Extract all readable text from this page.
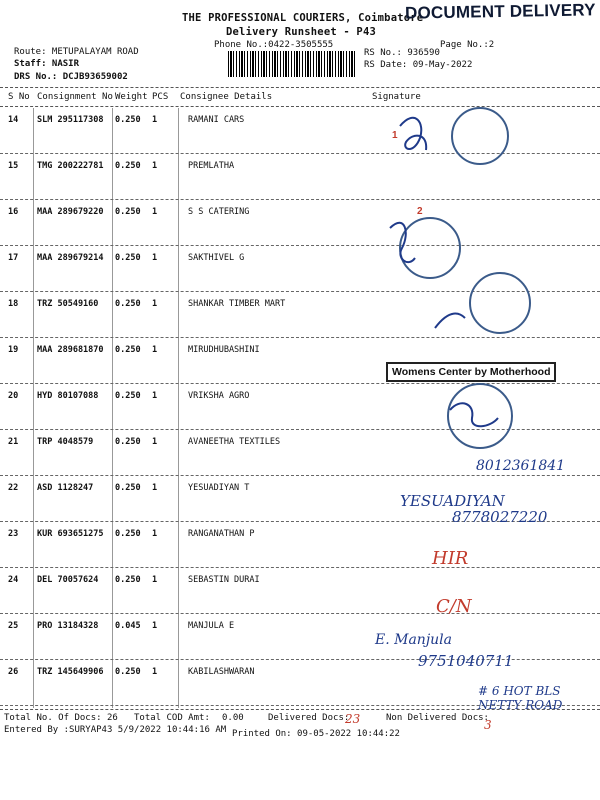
THE PROFESSIONAL COURIERS, Coimbatore
DOCUMENT DELIVERY
Delivery Runsheet - P43
Phone No.:0422-3505555	Page No.:2
Route: METUPALAYAM ROAD
Staff: NASIR
DRS No.: DCJB93659002
RS No.: 936590
RS Date: 09-May-2022
S No Consignment No Weight PCS Consignee Details	Signature
14 SLM 295117308 0.250 1	RAMANI CARS
15 TMG 200222781 0.250 1	PREMLATHA
16 MAA 289679220 0.250 1	S S CATERING
17 MAA 289679214 0.250 1	SAKTHIVEL G
18 TRZ 50549160 0.250 1	SHANKAR TIMBER MART
19 MAA 289681870 0.250 1	MIRUDHUBASHINI
20 HYD 80107088 0.250 1	VRIKSHA AGRO
21 TRP 4048579	0.250 1	AVANEETHA TEXTILES
22 ASD 1128247	0.250 1	YESUADIYAN T
23 KUR 693651275 0.250 1	RANGANATHAN P
24 DEL 70057624 0.250 1	SEBASTIN DURAI
25 PRO 13184328 0.045 1	MANJULA E
26 TRZ 145649906 0.250 1	KABILASHWARAN
1
2
Womens Center by Motherhood
8012361841
YESUADIYAN
8778027220
HIR
C/N
E. Manjula
9751040711
# 6 HOT BLS NETTY ROAD
Total No. Of Docs: 26 Total COD Amt: 0.00	Delivered Docs:
23	Non Delivered Docs:
3
Entered By :SURYAP43 5/9/2022 10:44:16 AM Printed On: 09-05-2022 10:44:22
